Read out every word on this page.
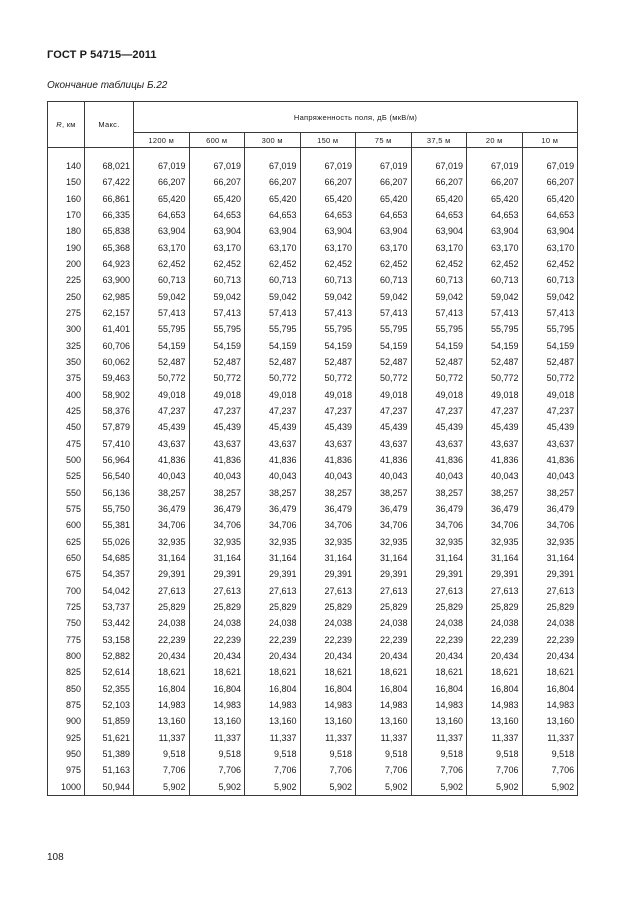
ГОСТ Р 54715—2011
Окончание таблицы Б.22
R, км	Макс.	Напряженность поля, дБ (мкВ/м)							
		1200 м	600 м	300 м	150 м	75 м	37,5 м	20 м	10 м

140	68,021	67,019	67,019	67,019	67,019	67,019	67,019	67,019	67,019
150	67,422	66,207	66,207	66,207	66,207	66,207	66,207	66,207	66,207
160	66,861	65,420	65,420	65,420	65,420	65,420	65,420	65,420	65,420
170	66,335	64,653	64,653	64,653	64,653	64,653	64,653	64,653	64,653
180	65,838	63,904	63,904	63,904	63,904	63,904	63,904	63,904	63,904
190	65,368	63,170	63,170	63,170	63,170	63,170	63,170	63,170	63,170
200	64,923	62,452	62,452	62,452	62,452	62,452	62,452	62,452	62,452
225	63,900	60,713	60,713	60,713	60,713	60,713	60,713	60,713	60,713
250	62,985	59,042	59,042	59,042	59,042	59,042	59,042	59,042	59,042
275	62,157	57,413	57,413	57,413	57,413	57,413	57,413	57,413	57,413
300	61,401	55,795	55,795	55,795	55,795	55,795	55,795	55,795	55,795
325	60,706	54,159	54,159	54,159	54,159	54,159	54,159	54,159	54,159
350	60,062	52,487	52,487	52,487	52,487	52,487	52,487	52,487	52,487
375	59,463	50,772	50,772	50,772	50,772	50,772	50,772	50,772	50,772
400	58,902	49,018	49,018	49,018	49,018	49,018	49,018	49,018	49,018
425	58,376	47,237	47,237	47,237	47,237	47,237	47,237	47,237	47,237
450	57,879	45,439	45,439	45,439	45,439	45,439	45,439	45,439	45,439
475	57,410	43,637	43,637	43,637	43,637	43,637	43,637	43,637	43,637
500	56,964	41,836	41,836	41,836	41,836	41,836	41,836	41,836	41,836
525	56,540	40,043	40,043	40,043	40,043	40,043	40,043	40,043	40,043
550	56,136	38,257	38,257	38,257	38,257	38,257	38,257	38,257	38,257
575	55,750	36,479	36,479	36,479	36,479	36,479	36,479	36,479	36,479
600	55,381	34,706	34,706	34,706	34,706	34,706	34,706	34,706	34,706
625	55,026	32,935	32,935	32,935	32,935	32,935	32,935	32,935	32,935
650	54,685	31,164	31,164	31,164	31,164	31,164	31,164	31,164	31,164
675	54,357	29,391	29,391	29,391	29,391	29,391	29,391	29,391	29,391
700	54,042	27,613	27,613	27,613	27,613	27,613	27,613	27,613	27,613
725	53,737	25,829	25,829	25,829	25,829	25,829	25,829	25,829	25,829
750	53,442	24,038	24,038	24,038	24,038	24,038	24,038	24,038	24,038
775	53,158	22,239	22,239	22,239	22,239	22,239	22,239	22,239	22,239
800	52,882	20,434	20,434	20,434	20,434	20,434	20,434	20,434	20,434
825	52,614	18,621	18,621	18,621	18,621	18,621	18,621	18,621	18,621
850	52,355	16,804	16,804	16,804	16,804	16,804	16,804	16,804	16,804
875	52,103	14,983	14,983	14,983	14,983	14,983	14,983	14,983	14,983
900	51,859	13,160	13,160	13,160	13,160	13,160	13,160	13,160	13,160
925	51,621	11,337	11,337	11,337	11,337	11,337	11,337	11,337	11,337
950	51,389	9,518	9,518	9,518	9,518	9,518	9,518	9,518	9,518
975	51,163	7,706	7,706	7,706	7,706	7,706	7,706	7,706	7,706
1000	50,944	5,902	5,902	5,902	5,902	5,902	5,902	5,902	5,902
108
